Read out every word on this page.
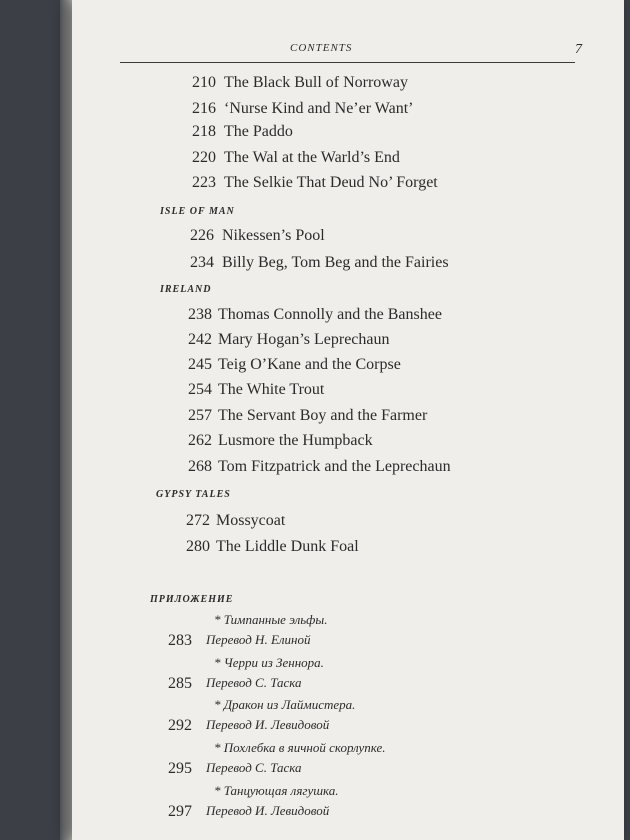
CONTENTS	7
210 The Black Bull of Norroway
216 ‘Nurse Kind and Ne’er Want’
218 The Paddo
220 The Wal at the Warld’s End
223 The Selkie That Deud No’ Forget
ISLE OF MAN
226 Nikessen’s Pool
234 Billy Beg, Tom Beg and the Fairies
IRELAND
238 Thomas Connolly and the Banshee
242 Mary Hogan’s Leprechaun
245 Teig O’Kane and the Corpse
254 The White Trout
257 The Servant Boy and the Farmer
262 Lusmore the Humpback
268 Tom Fitzpatrick and the Leprechaun
GYPSY TALES
272 Mossycoat
280 The Liddle Dunk Foal
ПРИЛОЖЕНИЕ
* Тимпанные эльфы.
283 Перевод Н. Елиной
* Черри из Зеннора.
285 Перевод С. Таска
* Дракон из Лаймистера.
292 Перевод И. Левидовой
* Похлебка в яичной скорлупке.
295 Перевод С. Таска
* Танцующая лягушка.
297 Перевод И. Левидовой
